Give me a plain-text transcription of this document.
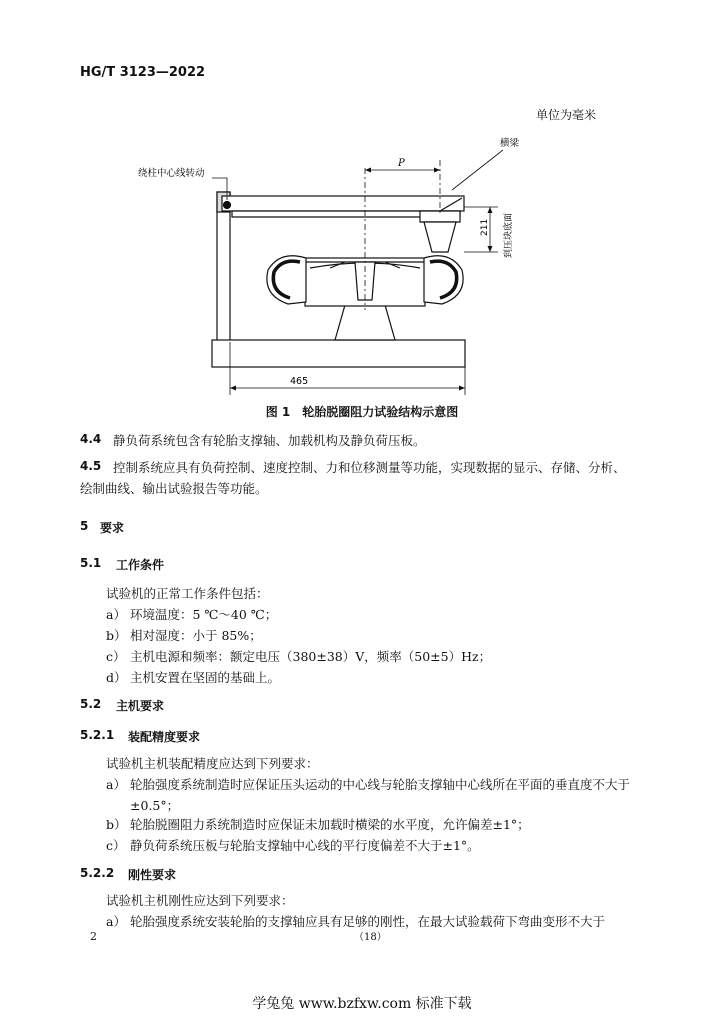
HG/T 3123—2022
单位为毫米
绕柱中心线转动
横梁
P
211 到压块底面
465
图 1　轮胎脱圈阻力试验结构示意图
4.4 静负荷系统包含有轮胎支撑轴、加载机构及静负荷压板。
4.5 控制系统应具有负荷控制、速度控制、力和位移测量等功能，实现数据的显示、存储、分析、
绘制曲线、输出试验报告等功能。
5 要求
5.1 工作条件
试验机的正常工作条件包括：
a） 环境温度：5 ℃～40 ℃；
b） 相对湿度：小于 85%；
c） 主机电源和频率：额定电压（380±38）V，频率（50±5）Hz；
d） 主机安置在坚固的基础上。
5.2 主机要求
5.2.1 装配精度要求
试验机主机装配精度应达到下列要求：
a） 轮胎强度系统制造时应保证压头运动的中心线与轮胎支撑轴中心线所在平面的垂直度不大于
±0.5°；
b） 轮胎脱圈阻力系统制造时应保证未加载时横梁的水平度，允许偏差±1°；
c） 静负荷系统压板与轮胎支撑轴中心线的平行度偏差不大于±1°。
5.2.2 刚性要求
试验机主机刚性应达到下列要求：
a） 轮胎强度系统安装轮胎的支撑轴应具有足够的刚性，在最大试验载荷下弯曲变形不大于
2	（18）
学兔兔 www.bzfxw.com 标准下载
